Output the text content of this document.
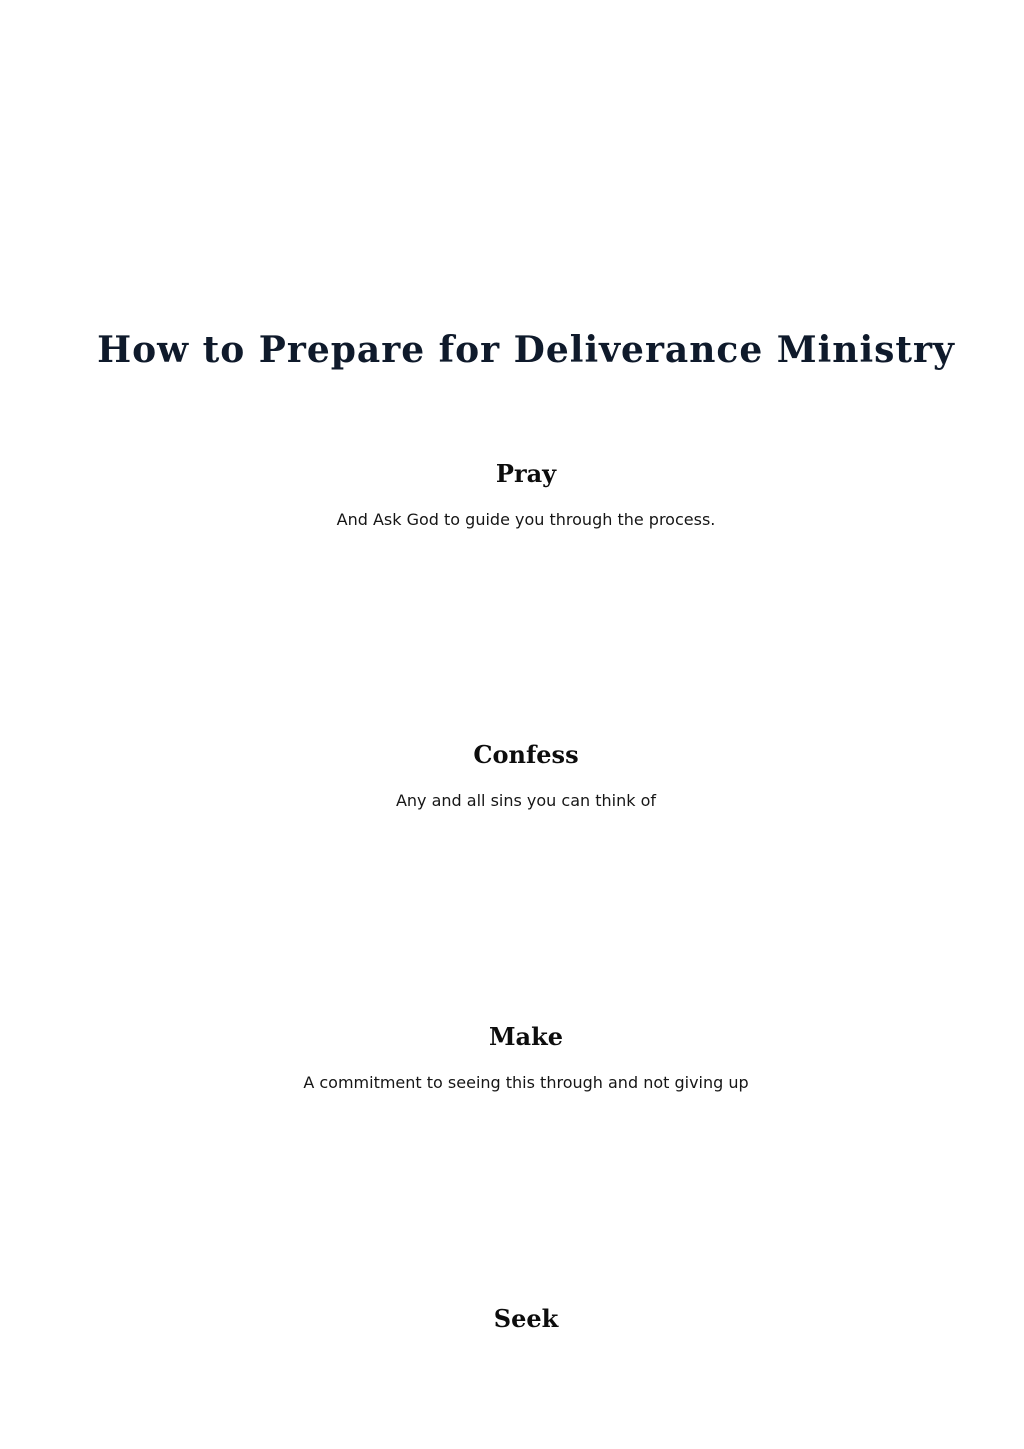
How to Prepare for Deliverance Ministry
Pray

And Ask God to guide you through the process.

Confess

Any and all sins you can think of

Make

A commitment to seeing this through and not giving up

Seek
